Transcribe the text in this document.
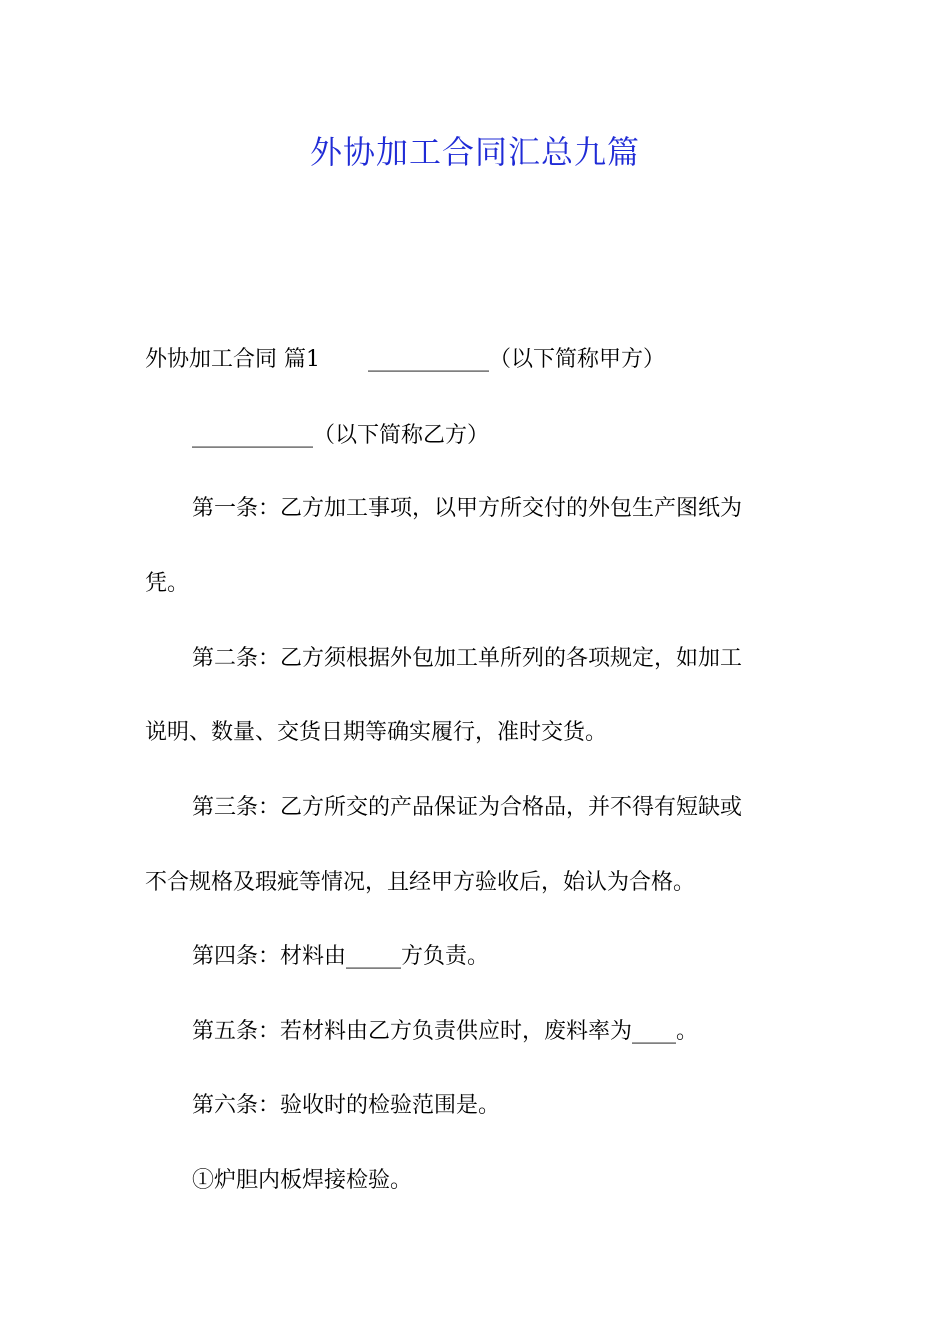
外协加工合同汇总九篇
外协加工合同 篇1 ___________（以下简称甲方）
___________（以下简称乙方）
第一条：乙方加工事项，以甲方所交付的外包生产图纸为
凭。
第二条：乙方须根据外包加工单所列的各项规定，如加工
说明、数量、交货日期等确实履行，准时交货。
第三条：乙方所交的产品保证为合格品，并不得有短缺或
不合规格及瑕疵等情况，且经甲方验收后，始认为合格。
第四条：材料由_____方负责。
第五条：若材料由乙方负责供应时，废料率为____。
第六条：验收时的检验范围是。
①炉胆内板焊接检验。
